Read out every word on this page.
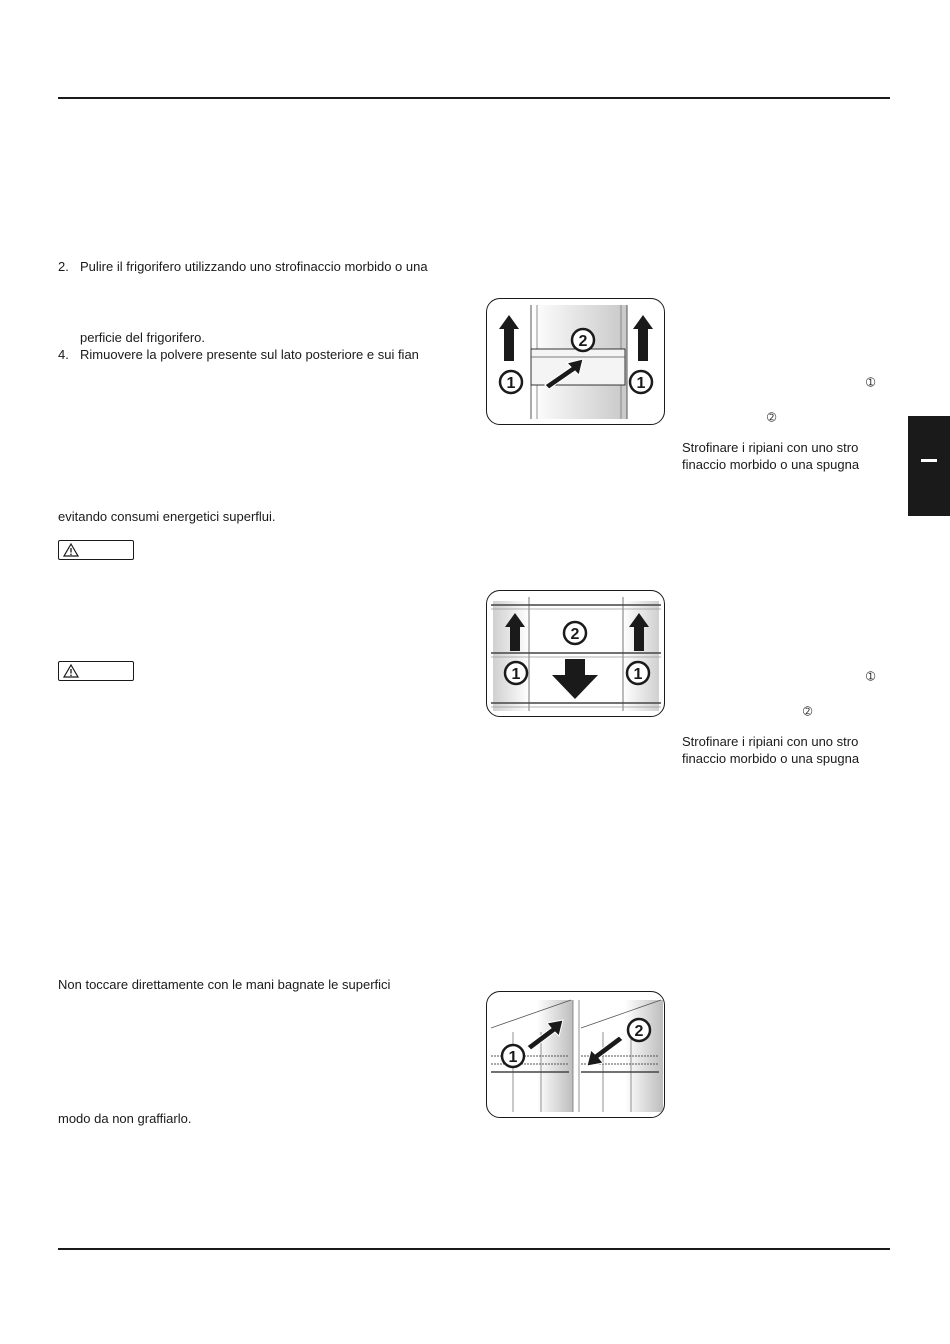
2. Pulire il frigorifero utilizzando uno strofinaccio morbido o una
perficie del frigorifero.
4. Rimuovere la polvere presente sul lato posteriore e sui fian
evitando consumi energetici superflui.
Non toccare direttamente con le mani bagnate le superfici
modo da non graffiarlo.
➀
➁
Strofinare i ripiani con uno stro
finaccio morbido o una spugna
➀
➁
Strofinare i ripiani con uno stro
finaccio morbido o una spugna
1
2
1
1
2
1
1
2
